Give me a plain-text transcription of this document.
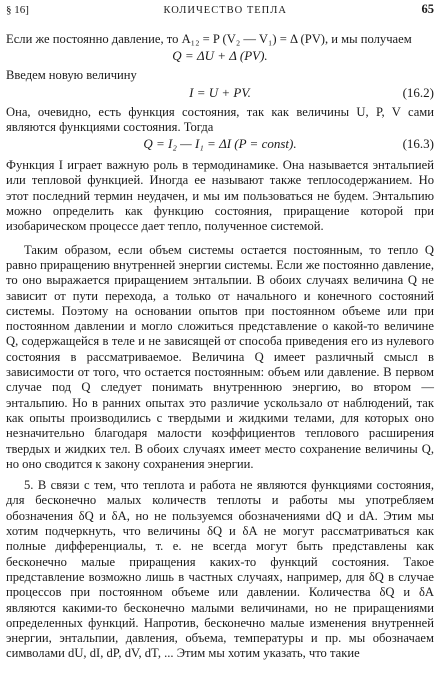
§ 16]	КОЛИЧЕСТВО ТЕПЛА	65

Если же постоянно давление, то A₁₂ = P (V₂ — V₁) = Δ (PV), и мы получаем

Q = ΔU + Δ (PV).

Введем новую величину

I = U + PV.	(16.2)

Она, очевидно, есть функция состояния, так как величины U, P, V сами являются функциями состояния. Тогда

Q = I₂ — I₁ = ΔI (P = const).	(16.3)

Функция I играет важную роль в термодинамике. Она называется энтальпией или тепловой функцией. Иногда ее называют также теплосодержанием. Но этот последний термин неудачен, и мы им пользоваться не будем. Энтальпию можно определить как функцию состояния, приращение которой при изобарическом процессе дает тепло, полученное системой.

Таким образом, если объем системы остается постоянным, то тепло Q равно приращению внутренней энергии системы. Если же постоянно давление, то оно выражается приращением энтальпии. В обоих случаях величина Q не зависит от пути перехода, а только от начального и конечного состояний системы. Поэтому на основании опытов при постоянном объеме или при постоянном давлении и могло сложиться представление о какой-то величине Q, содержащейся в теле и не зависящей от способа приведения его из нулевого состояния в рассматриваемое. Величина Q имеет различный смысл в зависимости от того, что остается постоянным: объем или давление. В первом случае под Q следует понимать внутреннюю энергию, во втором — энтальпию. Но в ранних опытах это различие ускользало от наблюдений, так как опыты производились с твердыми и жидкими телами, для которых оно незначительно благодаря малости коэффициентов теплового расширения твердых и жидких тел. В обоих случаях имеет место сохранение величины Q, но оно сводится к закону сохранения энергии.

5. В связи с тем, что теплота и работа не являются функциями состояния, для бесконечно малых количеств теплоты и работы мы употребляем обозначения δQ и δA, но не пользуемся обозначениями dQ и dA. Этим мы хотим подчеркнуть, что величины δQ и δA не могут рассматриваться как полные дифференциалы, т. е. не всегда могут быть представлены как бесконечно малые приращения каких-то функций состояния. Такое представление возможно лишь в частных случаях, например, для δQ в случае процессов при постоянном объеме или давлении. Количества δQ и δA являются какими-то бесконечно малыми величинами, но не приращениями определенных функций. Напротив, бесконечно малые изменения внутренней энергии, энтальпии, давления, объема, температуры и пр. мы обозначаем символами dU, dI, dP, dV, dT, ... Этим мы хотим указать, что такие
